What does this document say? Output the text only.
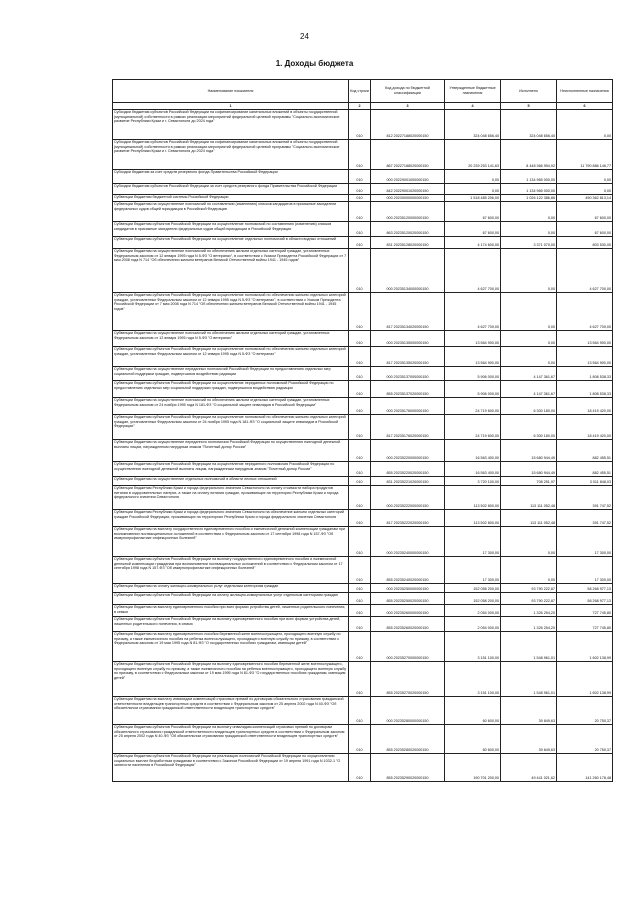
24
1. Доходы бюджета
Наименование показателя	Код строки	Код дохода по бюджетной классификации	Утвержденные бюджетные назначения	Исполнено	Неисполненные назначения
1	2	3	4	5	6
Субсидии бюджетам субъектов Российской Федерации на софинансирование капитальных вложений в объекты государственной (муниципальной) собственности в рамках реализации мероприятий федеральной целевой программы "Социально-экономическое развитие Республики Крым и г. Севастополя до 2024 года"	010	812 20227188020000150	324 048 656,40	324 048 656,40	0,00
Субсидии бюджетам субъектов Российской Федерации на софинансирование капитальных вложений в объекты государственной (муниципальной) собственности в рамках реализации мероприятий федеральной целевой программы "Социально-экономическое развитие Республики Крым и г. Севастополя до 2024 года"	010	867 20227188020000150	20 239 253 141,63	8 448 366 994,92	11 790 886 146,77
Субсидии бюджетам за счет средств резервного фонда Правительства Российской Федерации	010	000 20229001000000150	0,00	1 134 965 000,00	0,00
Субсидии бюджетам субъектов Российской Федерации за счет средств резервного фонда Правительства Российской Федерации	010	842 20229001020000150	0,00	1 134 965 000,00	0,00
Субвенции бюджетам бюджетной системы Российской Федерации	010	000 20230000000000150	1 518 485 206,00	1 026 122 386,86	490 362 813,14
Субвенции бюджетам на осуществление полномочий по составлению (изменению) списков кандидатов в присяжные заседатели федеральных судов общей юрисдикции в Российской Федерации	010	000 20235120000000150	67 600,00	0,00	67 600,00
Субвенции бюджетам субъектов Российской Федерации на осуществление полномочий по составлению (изменению) списков кандидатов в присяжные заседатели федеральных судов общей юрисдикции в Российской Федерации	010	863 20235120020000150	67 600,00	0,00	67 600,00
Субвенции бюджетам субъектов Российской Федерации на осуществление отдельных полномочий в области водных отношений	010	831 20235128020000150	4 174 600,00	3 371 070,00	803 530,00
Субвенции бюджетам на осуществление полномочий по обеспечению жильем отдельных категорий граждан, установленных Федеральным законом от 12 января 1995 года N 5-ФЗ "О ветеранах", в соответствии с Указом Президента Российской Федерации от 7 мая 2008 года N 714 "Об обеспечении жильем ветеранов Великой Отечественной войны 1941 - 1945 годов"	010	000 20235134000000150	4 627 700,00	0,00	4 627 700,00
Субвенции бюджетам субъектов Российской Федерации на осуществление полномочий по обеспечению жильем отдельных категорий граждан, установленных Федеральным законом от 12 января 1995 года N 5-ФЗ "О ветеранах", в соответствии с Указом Президента Российской Федерации от 7 мая 2008 года N 714 "Об обеспечении жильем ветеранов Великой Отечественной войны 1941 - 1945 годов"	010	817 20235134020000150	4 627 700,00	0,00	4 627 700,00
Субвенции бюджетам на осуществление полномочий по обеспечению жильем отдельных категорий граждан, установленных Федеральным законом от 12 января 1995 года N 5-ФЗ "О ветеранах"	010	000 20235135000000150	13 564 900,00	0,00	13 564 900,00
Субвенции бюджетам субъектов Российской Федерации на осуществление полномочий по обеспечению жильем отдельных категорий граждан, установленных Федеральным законом от 12 января 1995 года N 5-ФЗ "О ветеранах"	010	817 20235135020000150	13 564 900,00	0,00	13 564 900,00
Субвенции бюджетам на осуществление переданных полномочий Российской Федерации по предоставлению отдельных мер социальной поддержки граждан, подвергшихся воздействию радиации	010	000 20235137000000150	5 906 000,00	4 147 361,67	1 808 538,33
Субвенции бюджетам субъектов Российской Федерации на осуществление переданных полномочий Российской Федерации по предоставлению отдельных мер социальной поддержки граждан, подвергшихся воздействию радиации	010	855 20235137020000150	5 906 000,00	4 147 361,67	1 808 538,33
Субвенции бюджетам на осуществление полномочий по обеспечению жильем отдельных категорий граждан, установленных Федеральным законом от 24 ноября 1995 года N 181-ФЗ "О социальной защите инвалидов в Российской Федерации"	010	000 20235176000000150	24 719 600,00	6 300 180,00	18 419 420,00
Субвенции бюджетам субъектов Российской Федерации на осуществление полномочий по обеспечению жильем отдельных категорий граждан, установленных Федеральным законом от 24 ноября 1995 года N 181-ФЗ "О социальной защите инвалидов в Российской Федерации"	010	817 20235176020000150	24 719 600,00	6 300 180,00	18 419 420,00
Субвенции бюджетам на осуществление переданного полномочия Российской Федерации по осуществлению ежегодной денежной выплаты лицам, награжденным нагрудным знаком "Почетный донор России"	010	000 20235220000000150	16 563 400,00	15 680 944,49	882 455,51
Субвенции бюджетам субъектов Российской Федерации на осуществление переданного полномочия Российской Федерации по осуществлению ежегодной денежной выплаты лицам, награжденным нагрудным знаком "Почетный донор России"	010	855 20235220020000150	16 563 400,00	15 680 944,49	882 455,51
Субвенции бюджетам на осуществление отдельных полномочий в области лесных отношений	010	831 20235221020000150	3 720 100,00	708 251,97	3 011 848,03
Субвенции бюджетам Республики Крым и города федерального значения Севастополя на оплату стоимости набора продуктов питания в оздоровительных лагерях, а также на оплату питания граждан, проживающих на территории Республики Крым и города федерального значения Севастополя	010	000 20235222000000150	113 502 800,00	113 111 052,48	391 747,52
Субвенции бюджетам Республики Крым и города федерального значения Севастополя на обеспечение жильем отдельных категорий граждан Российской Федерации, проживающих на территориях Республики Крым и города федерального значения Севастополя	010	817 20235222020000150	113 502 800,00	113 111 052,48	391 747,52
Субвенции бюджетам на выплату государственного единовременного пособия и ежемесячной денежной компенсации гражданам при возникновении поствакцинальных осложнений в соответствии с Федеральным законом от 17 сентября 1998 года N 157-ФЗ "Об иммунопрофилактике инфекционных болезней"	010	000 20235240000000150	17 300,00	0,00	17 300,00
Субвенции бюджетам субъектов Российской Федерации на выплату государственного единовременного пособия и ежемесячной денежной компенсации гражданам при возникновении поствакцинальных осложнений в соответствии с Федеральным законом от 17 сентября 1998 года N 157-ФЗ "Об иммунопрофилактике инфекционных болезней"	010	855 20235240020000150	17 300,00	0,00	17 300,00
Субвенции бюджетам на оплату жилищно-коммунальных услуг отдельным категориям граждан	010	000 20235250000000150	152 058 200,00	93 790 222,87	58 268 977,13
Субвенции бюджетам субъектов Российской Федерации на оплату жилищно-коммунальных услуг отдельным категориям граждан	010	855 20235250020000150	152 058 200,00	93 790 222,87	58 268 977,13
Субвенции бюджетам на выплату единовременного пособия при всех формах устройства детей, лишенных родительского попечения, в семью	010	000 20235260000000150	2 054 000,00	1 326 254,20	727 745,80
Субвенции бюджетам субъектов Российской Федерации на выплату единовременного пособия при всех формах устройства детей, лишенных родительского попечения, в семью	010	855 20235260020000150	2 054 000,00	1 326 254,20	727 745,80
Субвенции бюджетам на выплату единовременного пособия беременной жене военнослужащего, проходящего военную службу по призыву, а также ежемесячного пособия на ребенка военнослужащего, проходящего военную службу по призыву, в соответствии с Федеральным законом от 19 мая 1995 года N 81-ФЗ "О государственных пособиях гражданам, имеющим детей"	010	000 20235270000000150	3 151 100,00	1 548 961,01	1 602 138,99
Субвенции бюджетам субъектов Российской Федерации на выплату единовременного пособия беременной жене военнослужащего, проходящего военную службу по призыву, а также ежемесячного пособия на ребенка военнослужащего, проходящего военную службу по призыву, в соответствии с Федеральным законом от 19 мая 1995 года N 81-ФЗ "О государственных пособиях гражданам, имеющим детей"	010	855 20235270020000150	3 151 100,00	1 548 961,01	1 602 138,99
Субвенции бюджетам на выплату инвалидам компенсаций страховых премий по договорам обязательного страхования гражданской ответственности владельцев транспортных средств в соответствии с Федеральным законом от 25 апреля 2002 года N 40-ФЗ "Об обязательном страховании гражданской ответственности владельцев транспортных средств"	010	000 20235280000000150	60 600,00	39 849,63	20 750,37
Субвенции бюджетам субъектов Российской Федерации на выплату инвалидам компенсаций страховых премий по договорам обязательного страхования гражданской ответственности владельцев транспортных средств в соответствии с Федеральным законом от 25 апреля 2002 года N 40-ФЗ "Об обязательном страховании гражданской ответственности владельцев транспортных средств"	010	855 20235280020000150	60 600,00	39 849,63	20 750,37
Субвенции бюджетам субъектов Российской Федерации на реализацию полномочий Российской Федерации по осуществлению социальных выплат безработным гражданам в соответствии с Законом Российской Федерации от 19 апреля 1991 года N 1032-1 "О занятости населения в Российской Федерации"	010	855 20235290020000150	190 701 200,00	49 441 021,62	141 260 178,48
